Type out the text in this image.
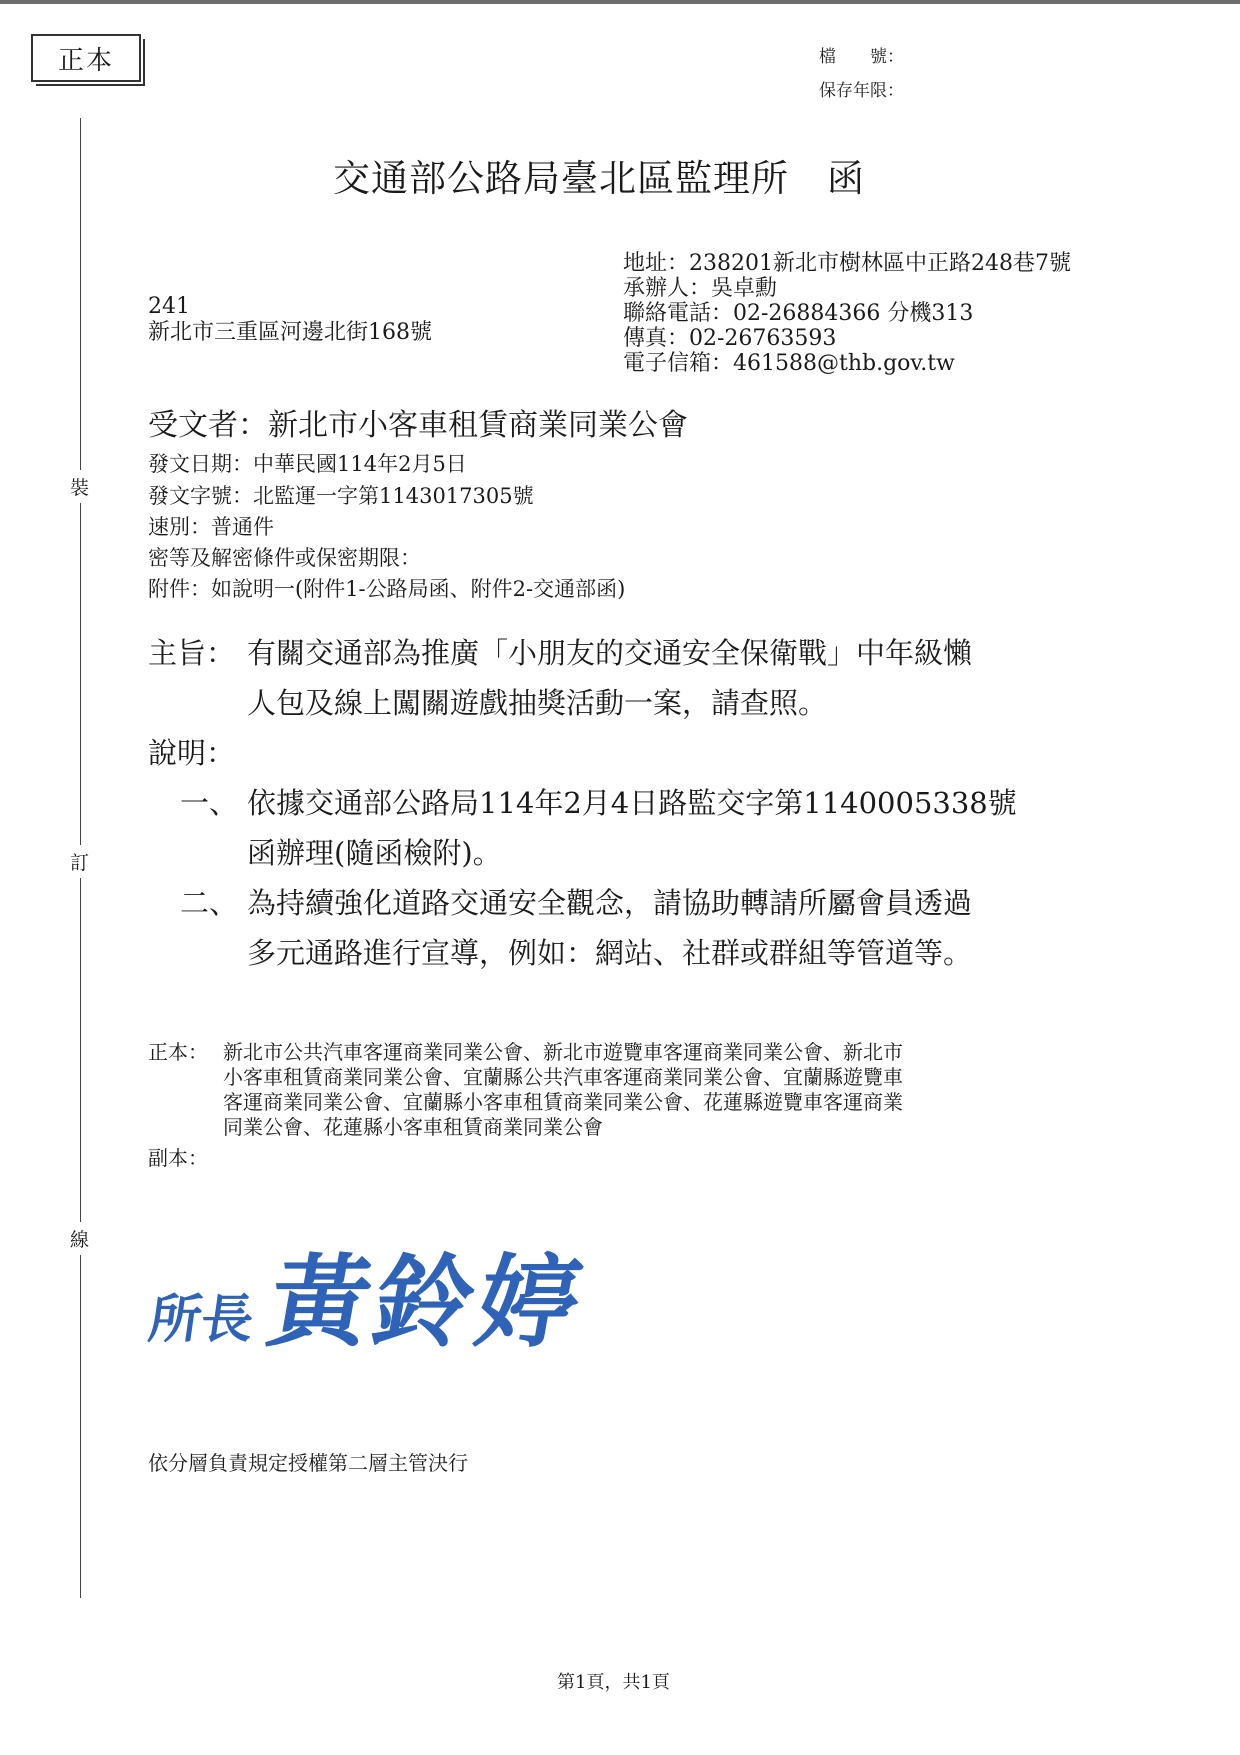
正本	檔　　號：
保存年限：
裝
訂
線
交通部公路局臺北區監理所　函
地址：238201新北市樹林區中正路248巷7號
承辦人：吳卓勳
聯絡電話：02-26884366 分機313
傳真：02-26763593
電子信箱：461588@thb.gov.tw
241
新北市三重區河邊北街168號
受文者：新北市小客車租賃商業同業公會
發文日期：中華民國114年2月5日
發文字號：北監運一字第1143017305號
速別：普通件
密等及解密條件或保密期限：
附件：如說明一(附件1-公路局函、附件2-交通部函)
主旨： 有關交通部為推廣「小朋友的交通安全保衛戰」中年級懶
人包及線上闖關遊戲抽獎活動一案，請查照。
說明：
一、 依據交通部公路局114年2月4日路監交字第1140005338號
函辦理(隨函檢附)。
二、 為持續強化道路交通安全觀念，請協助轉請所屬會員透過
多元通路進行宣導，例如：網站、社群或群組等管道等。
正本： 新北市公共汽車客運商業同業公會、新北市遊覽車客運商業同業公會、新北市
小客車租賃商業同業公會、宜蘭縣公共汽車客運商業同業公會、宜蘭縣遊覽車
客運商業同業公會、宜蘭縣小客車租賃商業同業公會、花蓮縣遊覽車客運商業
同業公會、花蓮縣小客車租賃商業同業公會
副本：
所長黃鈴婷
依分層負責規定授權第二層主管決行
第1頁，共1頁
